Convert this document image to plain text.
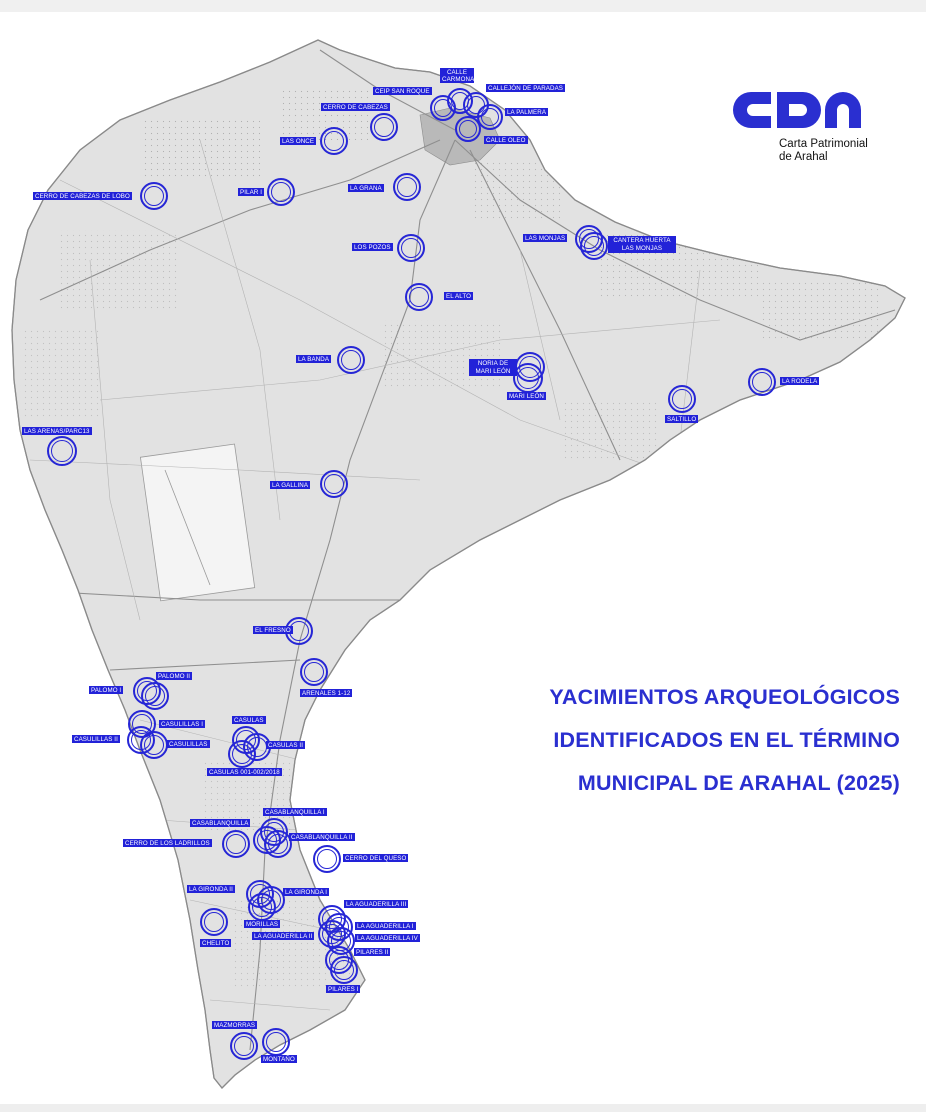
CALLE CARMONA
CEIP SAN ROQUE	CALLEJÓN DE PARADAS
LA PALMERA
CALLE OLEO
CERRO DE CABEZAS
LAS ONCE
CERRO DE CABEZAS DE LOBO
PILAR I
LA GRANA
LOS POZOS
LAS MONJAS	CANTERA HUERTA LAS MONJAS
EL ALTO
LA BANDA
NORIA DE MARI LEÓN
MARI LEÓN
SALTILLO
LA RODELA
LAS ARENAS/PARC13
LA GALLINA
EL FRESNO
ARENALES 1-12
PALOMO I
PALOMO II
CASULILLAS I
CASULILLAS II
CASULILLAS
CASULAS
CASULAS II
CASULAS 001-002/2018
CASABLANQUILLA I
CASABLANQUILLA
CASABLANQUILLA II
CERRO DE LOS LADRILLOS
CERRO DEL QUESO
LA GIRONDA II	LA GIRONDA I
MORILLAS
LA AGUADERILLA III
LA AGUADERILLA I
LA AGUADERILLA II	LA AGUADERILLA IV
CHELITO
PILARES II
PILARES I
MAZMORRAS
MONTAÑO
YACIMIENTOS ARQUEOLÓGICOS
IDENTIFICADOS EN EL TÉRMINO
MUNICIPAL DE ARAHAL (2025)
CPA
Carta Patrimonial
de Arahal
